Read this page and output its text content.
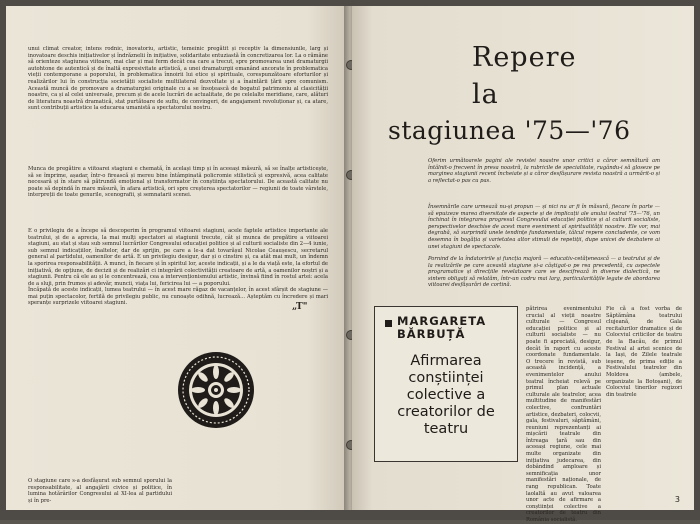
unui climat creator, intens rodnic, inovatoriu, artistic, temeinic pregătit și receptiv la dimensiunile, larg și inovatoare deschis inițiativelor și îndrăznelii în inițiative, solidaritate entuziastă în concretizarea lor. La o rămâne să orienteze stagiunea viitoare, mai clar și mai ferm decât cea care a trecut, spre promovarea unei dramaturgii autohtone de autentică și de înaltă expresivitate artistică, a unei dramaturgii emanând ancorate în problematica vieții contemporane a poporului, în problematica înnoirii lui etice și spirituale, corespunzătoare eforturilor și realizărilor lui în construcția societății socialiste multilateral dezvoltate și a înaintării țării spre comunism. Această muncă de promovare a dramaturgiei originale cu a se însoțească de bogatul patrimoniu al clasicității noastre, ca și al celei universale, precum și de acele lucrări de actualitate, de pe celelalte meridiane, care, alături de literatura noastră dramatică, stat purtătoare de suflu, de convingeri, de angajament revoluționar și, ca atare, sunt contribuții artistice la educarea umanistă a spectatorului nostru.

Munca de pregătire a viitoarei stagiuni e chemată, în același timp și în aceeași măsură, să se înalțe artisticește, să se împrime, așadar, într-o firească și mereu bine întâmpinată policromie stilistică și expresivă, acea calitate necesară și în stare să pătrundă emoțional și transformator în conștiința spectatorului. De această calitate nu poate să depindă în mare măsură, în afara artistică, ori spre creșterea spectatorilor — regiunii de toate vârstele, interpreții de toate genurile, scenografii, și semnatarii scenei.

E o privilegiu de a începe să descoperim în programul viitoarei stagiuni, acele faptele artistice importante ale teatrului, și de a aprecia, la mai mulți spectatori ai stagiunii trecute, cât și munca de pregătire a viitoarei stagiuni, au stat și stau sub semnul lucrărilor Congresului educației politice și al culturii socialiste din 2—4 iunie, sub semnul indicațiilor, înaltelor, dar de sprijin, pe care a le-a dat tovarășul Nicolae Ceaușescu, secretarul general al partidului, oamenilor de artă. E un privilegiu desigur, dar și o cinstire și, ca atât mai mult, un îndemn la sporirea responsabilității. A munci, în fiecare și în spiritul lor, aceste indicații, și a le da viață este, la efortul de inițiativă, de opțiune, de decizii și de realizări ci integrării colectivității creatoare de artă, a oamenilor noștri și a stagiunii. Pentru că ele au și le concentrează, cea a intervenționismului artistic, învinsă fiind în rostul artei: acela de a sluji, prin frumos și adevăr, muncii, viața lui, fericirea lui — a poporului.

Încăpată de aceste indicații, lumea teatrului — în acest mare răgaz de vacanțelor, în acest sfârșit de stagiune — mai puțin spectacolor, fertilă de privilegiu public, nu cunoaște odihnă, lucrează... Așteptăm cu încredere și mari speranțe surprizele viitoarei stagiuni.	„T"

O stagiune care s-a desfășurat sub semnul sporului la responsabilitate, al angajării civice și politice, în lumina hotărârilor Congresului al XI-lea al partidului și în pre-

Repere
la
stagiunea '75—'76

Oferim următoarele pagini ale revistei noastre unor critici a căror semnătură am întâlnit-o frecvent în presa noastră, la rubricile de specialitate, rugându-i să gloseze pe marginea stagiunii recent încheiate și a căror desfășurare revista noastră a urmărit-o și a reflectat-o pas cu pas.

Însemnările care urmează nu-și propun — și nici nu ar fi în măsură, fiecare în parte — să epuizeze marea diversitate de aspecte și de implicații ale anului teatral '75—'76, un închinat în integrarea progresul Congresului educației politice și al culturii socialiste, perspectivelor deschise de acest mare eveniment al spiritualității noastre. Ele vor, mai degrabă, să surprindă unele tendințe fundamentale, tâlcul repere concludente, ce vom desemna în bogăția și varietatea altor stimuli de repetiții, dupe unicei de dezbatere ai unei stagiuni de spectacole.

Pornind de la îndatoririle și funcția majoră — educativ-cetățenească — a teatrului și de la realizările pe care această stagiune și-a câștigat-o pe rea precedentă, cu aspectele programatice și direcțiile revelatoare care se descifrează în diverse dialectică, ne sintem obligați să relatăm, într-un codru mai larg, particularitățile legate de abordarea viitoarei desfășurări de cortină.

MARGARETA BĂRBUȚĂ

Afirmarea conștiinței colective a creatorilor de teatru

pătrirea evenimentului crucial al vieții noastre culturale — Congresul educației politice și al culturii socialiste — nu poate fi apreciată, desigur, decât în raport cu aceste coordonate fundamentale. O trecere în revistă, sub această incidență, a evenimentelor anului teatral încheiat relevă pe primul plan actuale culturale ale teatrelor, acea multitudine de manifestări colective, confruntări artistice, dezbateri, colocvii, gala, festivaluri, săptămâni, reuniuni reprezentanți ai mișcării teatrale din întreaga țară sau din aceeași regiune, cele mai multe organizate din inițiativa judecarea, din dobândind amploare și semnificația unor manifestări naționale, de rang republican. Toate laolaltă au avut valoarea unor acte de afirmare a conștiinței colective a creatorilor de teatru din România socialistă.

Fie că a fost vorba de Săptămâna teatrului clujeană, de Gala recitalurilor dramatice și de Colocviul criticilor de teatru de la Bacău, de primul Festival al artei scenice de la Iași, de Zilele teatrale ieșene, de prima ediție a Festivalului teatrelor din Moldova (ambele, organizate la Botoșani), de Colocviul tinerilor regizori din teatrele

3
